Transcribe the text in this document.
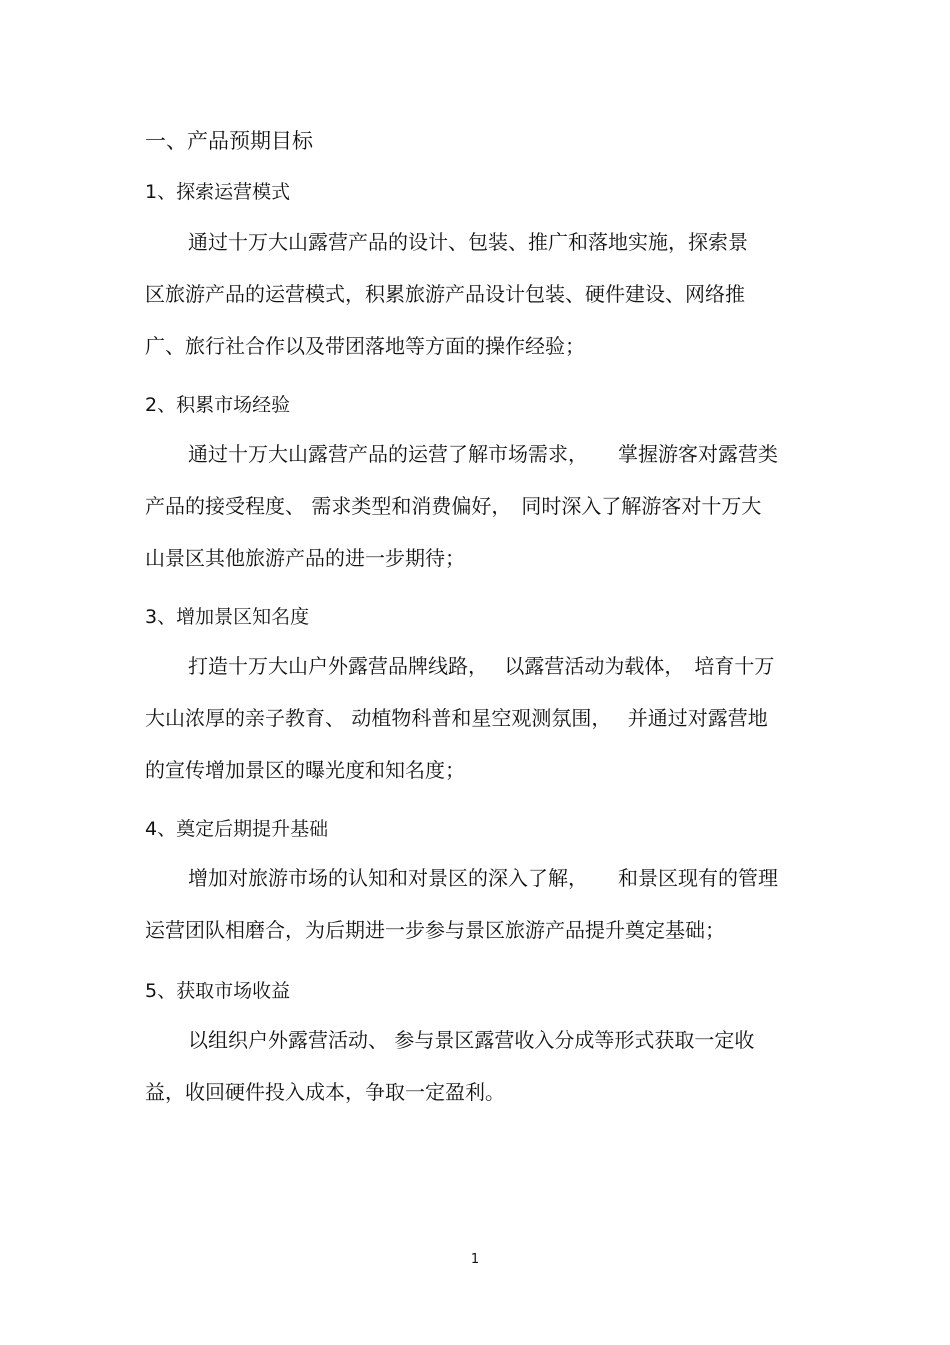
一、产品预期目标
1、探索运营模式
通过十万大山露营产品的设计、包装、推广和落地实施，探索景
区旅游产品的运营模式，积累旅游产品设计包装、硬件建设、网络推
广、旅行社合作以及带团落地等方面的操作经验；
2、积累市场经验
通过十万大山露营产品的运营了解市场需求，　　掌握游客对露营类
产品的接受程度、 需求类型和消费偏好，　同时深入了解游客对十万大
山景区其他旅游产品的进一步期待；
3、增加景区知名度
打造十万大山户外露营品牌线路，　 以露营活动为载体，　培育十万
大山浓厚的亲子教育、 动植物科普和星空观测氛围，　 并通过对露营地
的宣传增加景区的曝光度和知名度；
4、奠定后期提升基础
增加对旅游市场的认知和对景区的深入了解，　　和景区现有的管理
运营团队相磨合，为后期进一步参与景区旅游产品提升奠定基础；
5、获取市场收益
以组织户外露营活动、 参与景区露营收入分成等形式获取一定收
益，收回硬件投入成本，争取一定盈利。
1
